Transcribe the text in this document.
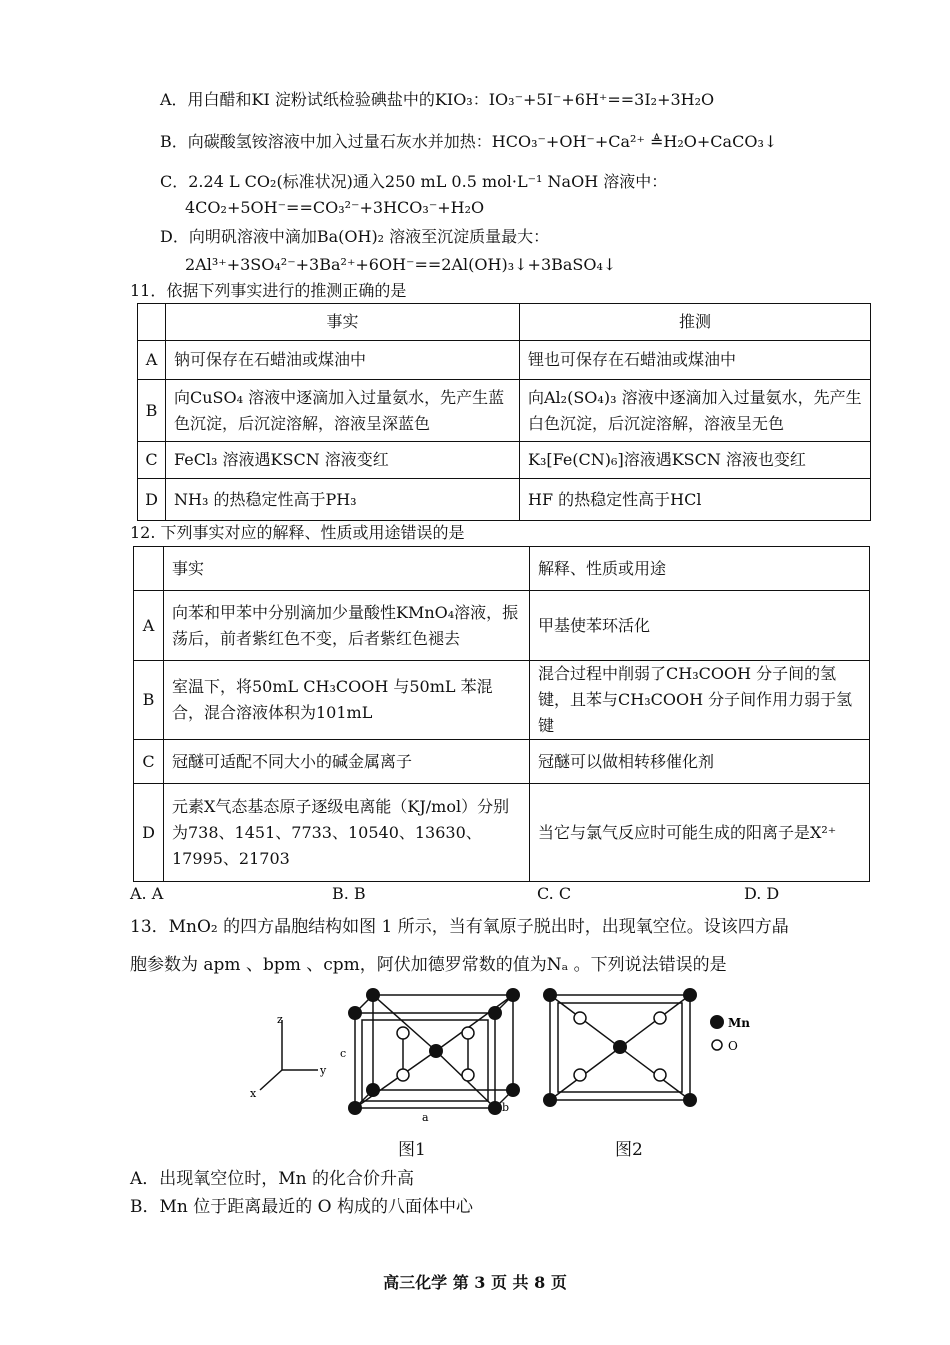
A．用白醋和KI 淀粉试纸检验碘盐中的KIO₃：IO₃⁻+5I⁻+6H⁺==3I₂+3H₂O
B．向碳酸氢铵溶液中加入过量石灰水并加热：HCO₃⁻+OH⁻+Ca²⁺ ≜H₂O+CaCO₃↓
C．2.24 L CO₂(标准状况)通入250 mL 0.5 mol·L⁻¹ NaOH 溶液中：
4CO₂+5OH⁻==CO₃²⁻+3HCO₃⁻+H₂O
D．向明矾溶液中滴加Ba(OH)₂ 溶液至沉淀质量最大：
2Al³⁺+3SO₄²⁻+3Ba²⁺+6OH⁻==2Al(OH)₃↓+3BaSO₄↓
11．依据下列事实进行的推测正确的是
	事实	推测
A	钠可保存在石蜡油或煤油中	锂也可保存在石蜡油或煤油中
B	向CuSO₄ 溶液中逐滴加入过量氨水，先产生蓝色沉淀，后沉淀溶解，溶液呈深蓝色	向Al₂(SO₄)₃ 溶液中逐滴加入过量氨水，先产生白色沉淀，后沉淀溶解，溶液呈无色
C	FeCl₃ 溶液遇KSCN 溶液变红	K₃[Fe(CN)₆]溶液遇KSCN 溶液也变红
D	NH₃ 的热稳定性高于PH₃	HF 的热稳定性高于HCl
12. 下列事实对应的解释、性质或用途错误的是
	事实	解释、性质或用途
A	向苯和甲苯中分别滴加少量酸性KMnO₄溶液，振荡后，前者紫红色不变，后者紫红色褪去	甲基使苯环活化
B	室温下，将50mL CH₃COOH 与50mL 苯混合，混合溶液体积为101mL	混合过程中削弱了CH₃COOH 分子间的氢键，且苯与CH₃COOH 分子间作用力弱于氢键
C	冠醚可适配不同大小的碱金属离子	冠醚可以做相转移催化剂
D	元素X气态基态原子逐级电离能（KJ/mol）分别为738、1451、7733、10540、13630、17995、21703	当它与氯气反应时可能生成的阳离子是X²⁺
A. A	B. B	C. C	D. D
13．MnO₂ 的四方晶胞结构如图 1 所示，当有氧原子脱出时，出现氧空位。设该四方晶
胞参数为 apm 、bpm 、cpm，阿伏加德罗常数的值为Nₐ 。下列说法错误的是
z
y
x
c
a
b
图1
Mn
O
图2
A．出现氧空位时，Mn 的化合价升高
B．Mn 位于距离最近的 O 构成的八面体中心
高三化学 第 3 页 共 8 页
